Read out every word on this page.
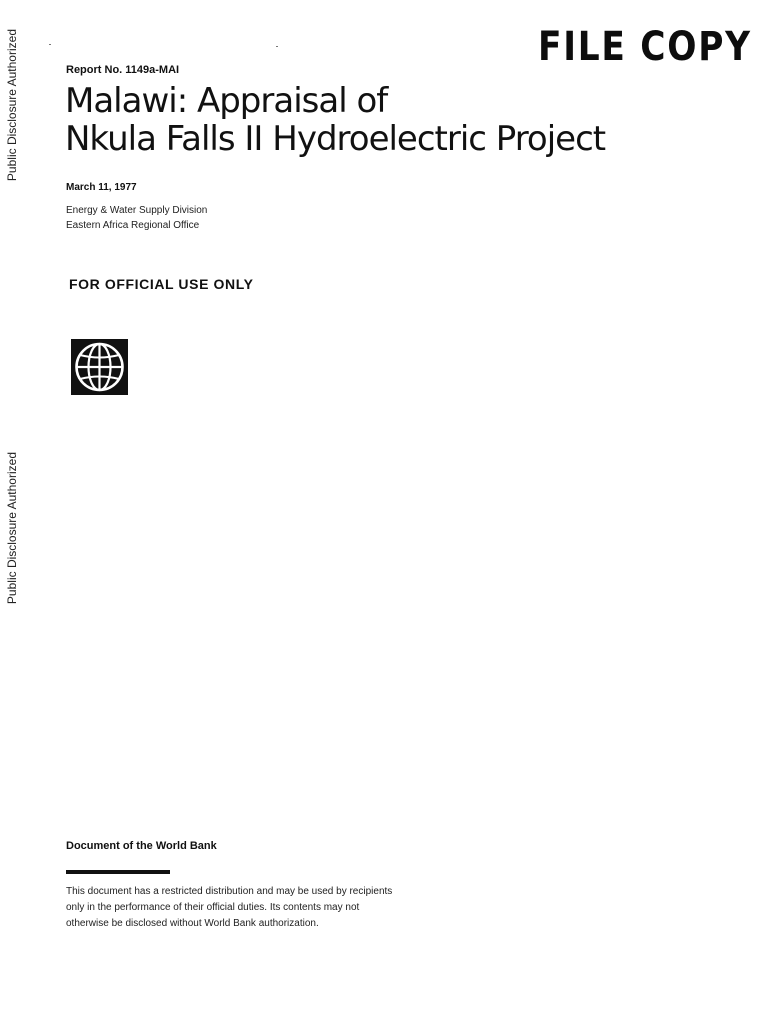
Public Disclosure Authorized
Public Disclosure Authorized
FILE COPY
Report No. 1149a-MAI
Malawi: Appraisal of
Nkula Falls II Hydroelectric Project
March 11, 1977
Energy & Water Supply Division
Eastern Africa Regional Office
FOR OFFICIAL USE ONLY
Document of the World Bank
This document has a restricted distribution and may be used by recipients
only in the performance of their official duties. Its contents may not
otherwise be disclosed without World Bank authorization.
